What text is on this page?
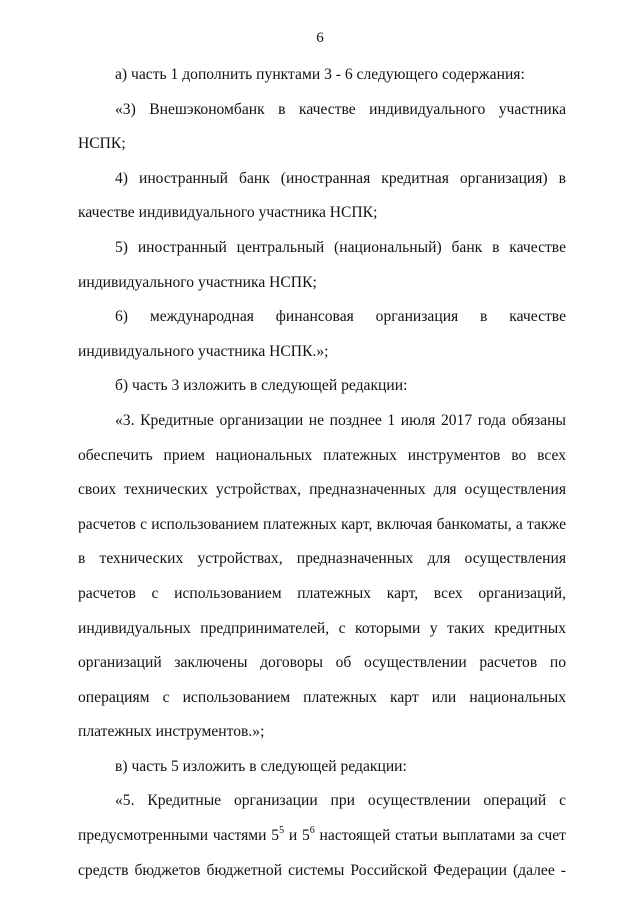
6

а) часть 1 дополнить пунктами 3 - 6 следующего содержания:

«3) Внешэкономбанк в качестве индивидуального участника НСПК;

4) иностранный банк (иностранная кредитная организация) в качестве индивидуального участника НСПК;

5) иностранный центральный (национальный) банк в качестве индивидуального участника НСПК;

6) международная финансовая организация в качестве индивидуального участника НСПК.»;

б) часть 3 изложить в следующей редакции:

«3. Кредитные организации не позднее 1 июля 2017 года обязаны обеспечить прием национальных платежных инструментов во всех своих технических устройствах, предназначенных для осуществления расчетов с использованием платежных карт, включая банкоматы, а также в технических устройствах, предназначенных для осуществления расчетов с использованием платежных карт, всех организаций, индивидуальных предпринимателей, с которыми у таких кредитных организаций заключены договоры об осуществлении расчетов по операциям с использованием платежных карт или национальных платежных инструментов.»;

в) часть 5 изложить в следующей редакции:

«5. Кредитные организации при осуществлении операций с предусмотренными частями $5^5$ и $5^6$ настоящей статьи выплатами за счет средств бюджетов бюджетной системы Российской Федерации (далее -
